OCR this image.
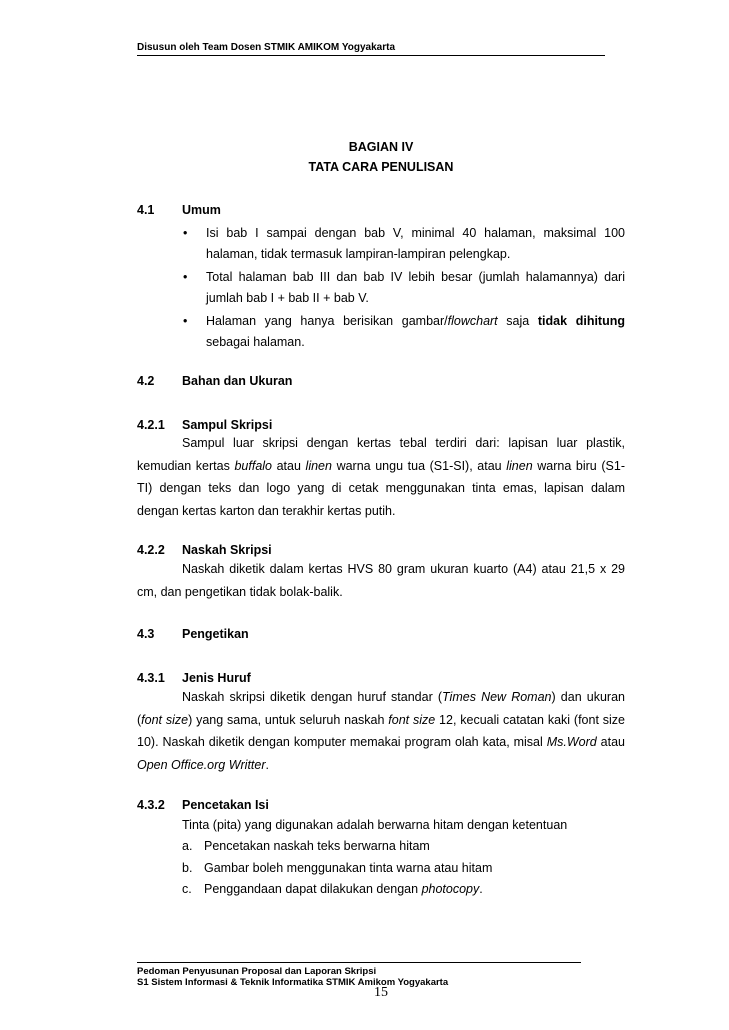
Disusun oleh Team Dosen STMIK AMIKOM Yogyakarta
BAGIAN IV
TATA CARA PENULISAN
4.1 Umum
• Isi bab I sampai dengan bab V, minimal 40 halaman, maksimal 100 halaman, tidak termasuk lampiran-lampiran pelengkap.
• Total halaman bab III dan bab IV lebih besar (jumlah halamannya) dari jumlah bab I + bab II + bab V.
• Halaman yang hanya berisikan gambar/flowchart saja tidak dihitung sebagai halaman.
4.2 Bahan dan Ukuran
4.2.1 Sampul Skripsi
Sampul luar skripsi dengan kertas tebal terdiri dari: lapisan luar plastik, kemudian kertas buffalo atau linen warna ungu tua (S1-SI), atau linen warna biru (S1-TI) dengan teks dan logo yang di cetak menggunakan tinta emas, lapisan dalam dengan kertas karton dan terakhir kertas putih.
4.2.2 Naskah Skripsi
Naskah diketik dalam kertas HVS 80 gram ukuran kuarto (A4) atau 21,5 x 29 cm, dan pengetikan tidak bolak-balik.
4.3 Pengetikan
4.3.1 Jenis Huruf
Naskah skripsi diketik dengan huruf standar (Times New Roman) dan ukuran (font size) yang sama, untuk seluruh naskah font size 12, kecuali catatan kaki (font size 10). Naskah diketik dengan komputer memakai program olah kata, misal Ms.Word atau Open Office.org Writter.
4.3.2 Pencetakan Isi
Tinta (pita) yang digunakan adalah berwarna hitam dengan ketentuan
a. Pencetakan naskah teks berwarna hitam
b. Gambar boleh menggunakan tinta warna atau hitam
c. Penggandaan dapat dilakukan dengan photocopy.
Pedoman Penyusunan Proposal dan Laporan Skripsi
S1 Sistem Informasi & Teknik Informatika STMIK Amikom Yogyakarta
15
